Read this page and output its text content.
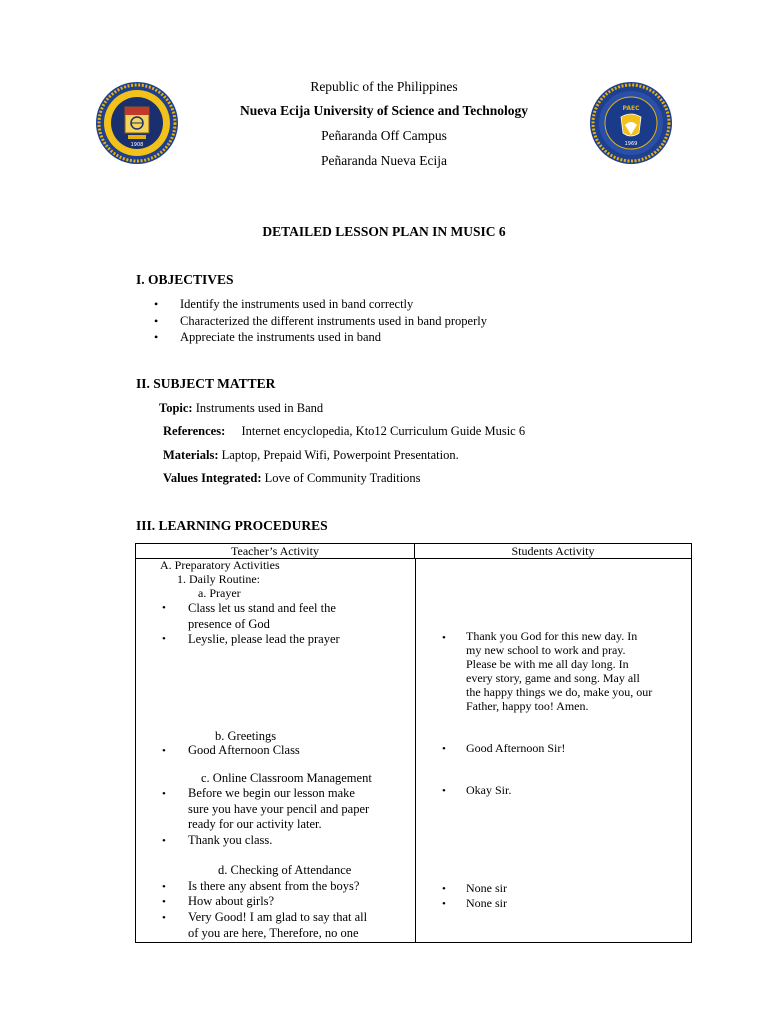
1908
PAEC
1969
Republic of the Philippines
Nueva Ecija University of Science and Technology
Peñaranda Off Campus
Peñaranda Nueva Ecija
DETAILED LESSON PLAN IN MUSIC 6
I. OBJECTIVES
• Identify the instruments used in band correctly
• Characterized the different instruments used in band properly
• Appreciate the instruments used in band
II. SUBJECT MATTER
Topic: Instruments used in Band
References: Internet encyclopedia, Kto12 Curriculum Guide Music 6
Materials: Laptop, Prepaid Wifi, Powerpoint Presentation.
Values Integrated: Love of Community Traditions
III. LEARNING PROCEDURES
Teacher’s Activity	Students Activity
A. Preparatory Activities
1. Daily Routine:
a. Prayer
• Class let us stand and feel the
presence of God
• Leyslie, please lead the prayer
b. Greetings
• Good Afternoon Class
c. Online Classroom Management
• Before we begin our lesson make
sure you have your pencil and paper
ready for our activity later.
• Thank you class.
d. Checking of Attendance
• Is there any absent from the boys?
• How about girls?
• Very Good! I am glad to say that all
of you are here, Therefore, no one
• Thank you God for this new day. In
my new school to work and pray.
Please be with me all day long. In
every story, game and song. May all
the happy things we do, make you, our
Father, happy too! Amen.
• Good Afternoon Sir!
• Okay Sir.
• None sir
• None sir
